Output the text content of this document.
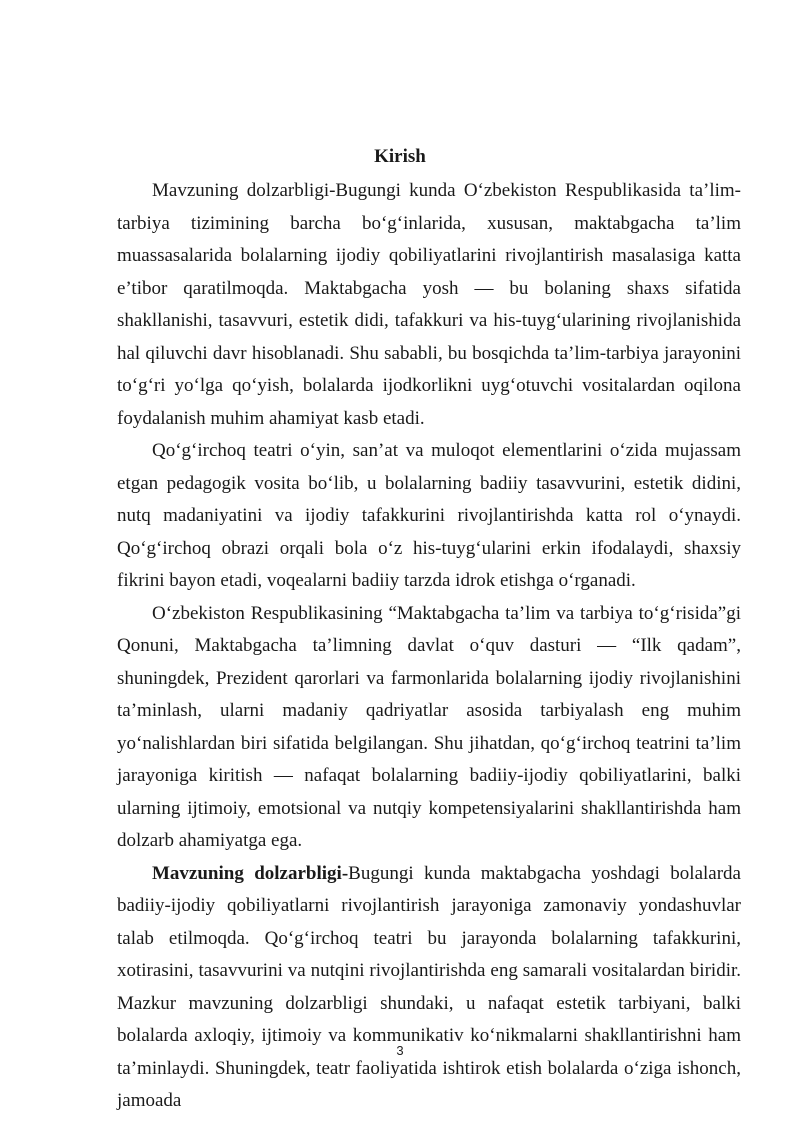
Kirish

Mavzuning dolzarbligi-Bugungi kunda O‘zbekiston Respublikasida ta’lim-tarbiya tizimining barcha bo‘g‘inlarida, xususan, maktabgacha ta’lim muassasalarida bolalarning ijodiy qobiliyatlarini rivojlantirish masalasiga katta e’tibor qaratilmoqda. Maktabgacha yosh — bu bolaning shaxs sifatida shakllanishi, tasavvuri, estetik didi, tafakkuri va his-tuyg‘ularining rivojlanishida hal qiluvchi davr hisoblanadi. Shu sababli, bu bosqichda ta’lim-tarbiya jarayonini to‘g‘ri yo‘lga qo‘yish, bolalarda ijodkorlikni uyg‘otuvchi vositalardan oqilona foydalanish muhim ahamiyat kasb etadi.

Qo‘g‘irchoq teatri o‘yin, san’at va muloqot elementlarini o‘zida mujassam etgan pedagogik vosita bo‘lib, u bolalarning badiiy tasavvurini, estetik didini, nutq madaniyatini va ijodiy tafakkurini rivojlantirishda katta rol o‘ynaydi. Qo‘g‘irchoq obrazi orqali bola o‘z his-tuyg‘ularini erkin ifodalaydi, shaxsiy fikrini bayon etadi, voqealarni badiiy tarzda idrok etishga o‘rganadi.

O‘zbekiston Respublikasining “Maktabgacha ta’lim va tarbiya to‘g‘risida”gi Qonuni, Maktabgacha ta’limning davlat o‘quv dasturi — “Ilk qadam”, shuningdek, Prezident qarorlari va farmonlarida bolalarning ijodiy rivojlanishini ta’minlash, ularni madaniy qadriyatlar asosida tarbiyalash eng muhim yo‘nalishlardan biri sifatida belgilangan. Shu jihatdan, qo‘g‘irchoq teatrini ta’lim jarayoniga kiritish — nafaqat bolalarning badiiy-ijodiy qobiliyatlarini, balki ularning ijtimoiy, emotsional va nutqiy kompetensiyalarini shakllantirishda ham dolzarb ahamiyatga ega.

Mavzuning dolzarbligi-Bugungi kunda maktabgacha yoshdagi bolalarda badiiy-ijodiy qobiliyatlarni rivojlantirish jarayoniga zamonaviy yondashuvlar talab etilmoqda. Qo‘g‘irchoq teatri bu jarayonda bolalarning tafakkurini, xotirasini, tasavvurini va nutqini rivojlantirishda eng samarali vositalardan biridir. Mazkur mavzuning dolzarbligi shundaki, u nafaqat estetik tarbiyani, balki bolalarda axloqiy, ijtimoiy va kommunikativ ko‘nikmalarni shakllantirishni ham ta’minlaydi. Shuningdek, teatr faoliyatida ishtirok etish bolalarda o‘ziga ishonch, jamoada

3
